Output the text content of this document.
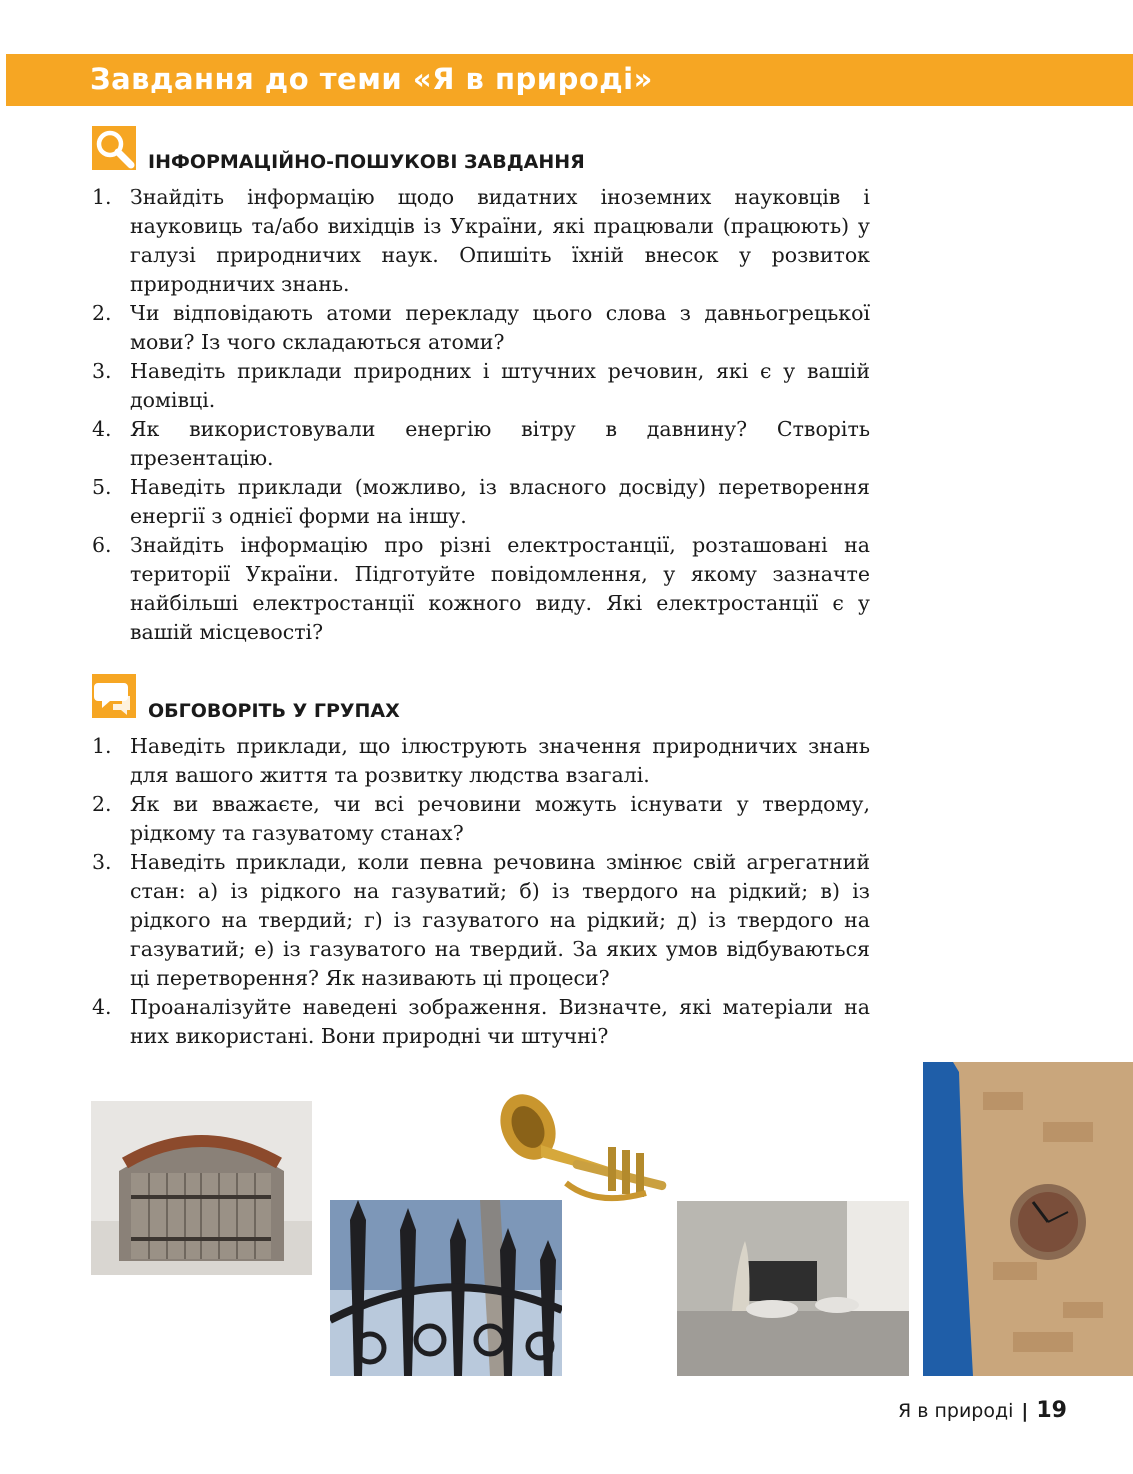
Завдання до теми «Я в природі»
ІНФОРМАЦІЙНО-ПОШУКОВІ ЗАВДАННЯ
1. Знайдіть інформацію щодо видатних іноземних науковців і науковиць та/або вихідців із України, які працювали (працюють) у галузі природничих наук. Опишіть їхній внесок у розвиток природничих знань.
2. Чи відповідають атоми перекладу цього слова з давньогрецької мови? Із чого складаються атоми?
3. Наведіть приклади природних і штучних речовин, які є у вашій домівці.
4. Як використовували енергію вітру в давнину? Створіть презентацію.
5. Наведіть приклади (можливо, із власного досвіду) перетворення енергії з однієї форми на іншу.
6. Знайдіть інформацію про різні електростанції, розташовані на території України. Підготуйте повідомлення, у якому зазначте найбільші електростанції кожного виду. Які електростанції є у вашій місцевості?
ОБГОВОРІТЬ У ГРУПАХ
1. Наведіть приклади, що ілюструють значення природничих знань для вашого життя та розвитку людства взагалі.
2. Як ви вважаєте, чи всі речовини можуть існувати у твердому, рідкому та газуватому станах?
3. Наведіть приклади, коли певна речовина змінює свій агрегатний стан: а) із рідкого на газуватий; б) із твердого на рідкий; в) із рідкого на твердий; г) із газуватого на рідкий; д) із твердого на газуватий; е) із газуватого на твердий. За яких умов відбуваються ці перетворення? Як називають ці процеси?
4. Проаналізуйте наведені зображення. Визначте, які матеріали на них використані. Вони природні чи штучні?
Я в природі | 19
